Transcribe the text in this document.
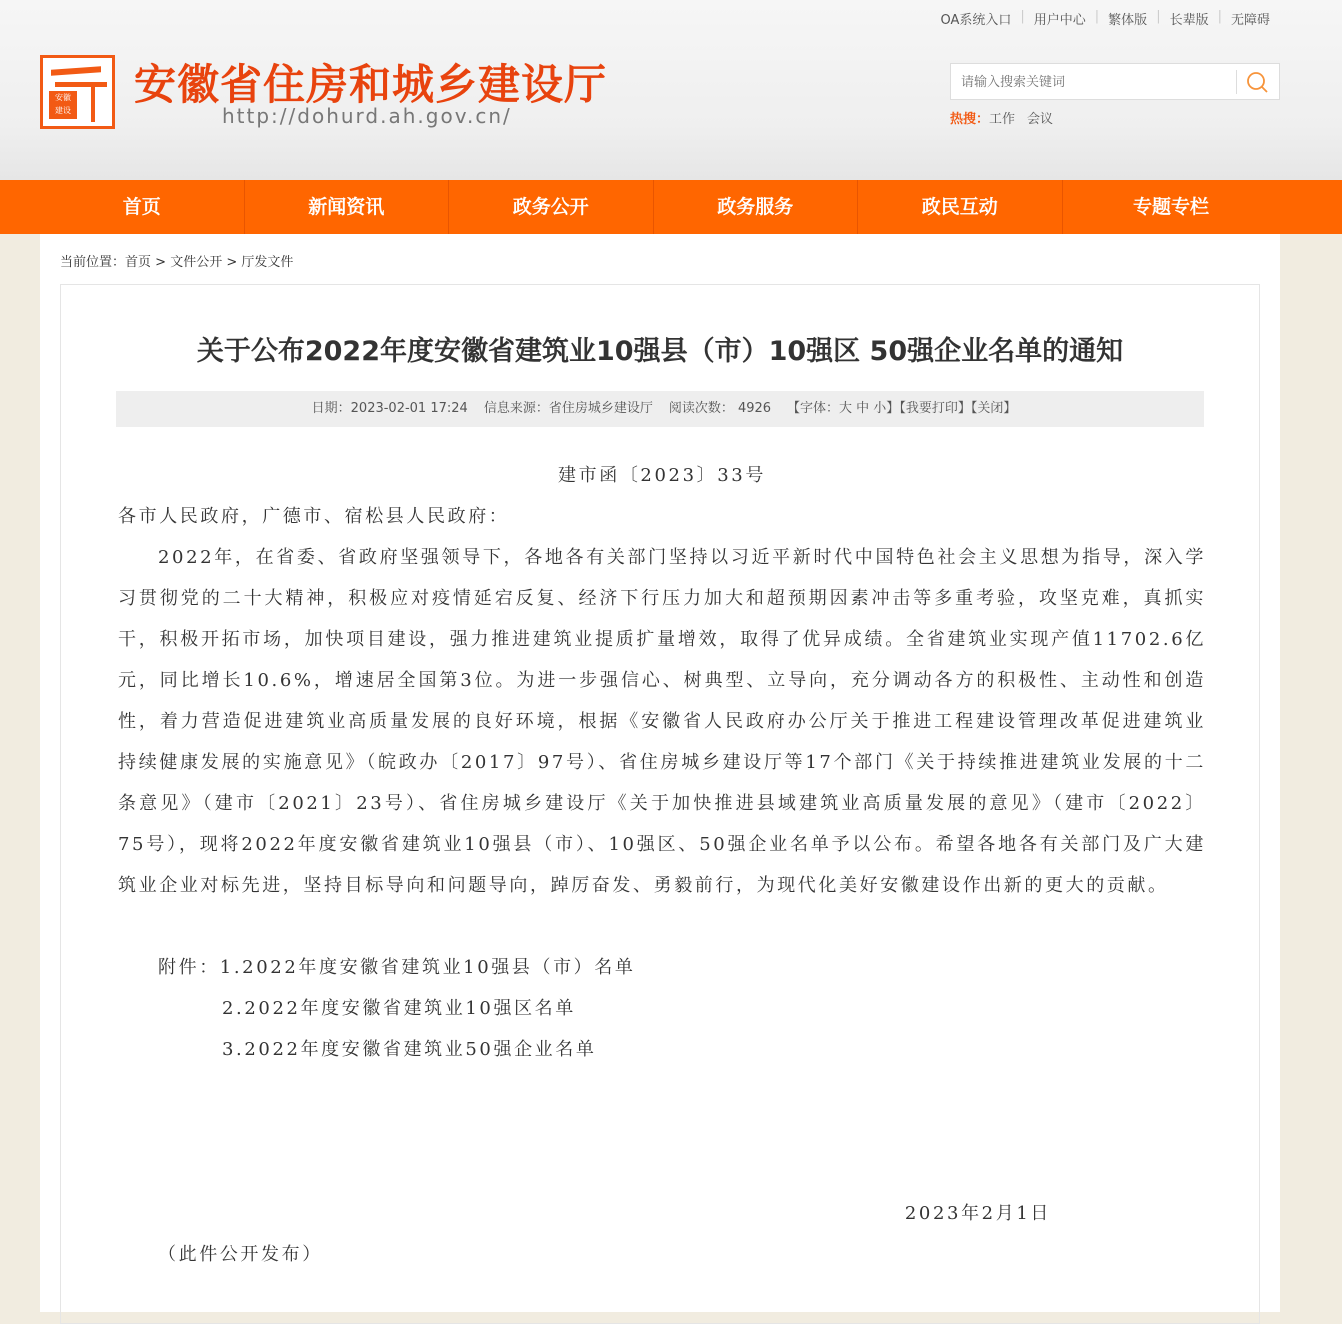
OA系统入口 | 用户中心 | 繁体版 | 长辈版 | 无障碍
安徽
建设
安徽省住房和城乡建设厅
http://dohurd.ah.gov.cn/
请输入搜索关键词	热搜：工作 会议
首页	新闻资讯	政务公开	政务服务	政民互动	专题专栏
当前位置：首页 > 文件公开 > 厅发文件
关于公布2022年度安徽省建筑业10强县（市）10强区 50强企业名单的通知
日期：2023-02-01 17:24 信息来源：省住房城乡建设厅 阅读次数： 4926 【字体：大 中 小】【我要打印】【关闭】

建市函〔2023〕33号

各市人民政府，广德市、宿松县人民政府：

2022年，在省委、省政府坚强领导下，各地各有关部门坚持以习近平新时代中国特色社会主义思想为指导，深入学习贯彻党的二十大精神，积极应对疫情延宕反复、经济下行压力加大和超预期因素冲击等多重考验，攻坚克难，真抓实干，积极开拓市场，加快项目建设，强力推进建筑业提质扩量增效，取得了优异成绩。全省建筑业实现产值11702.6亿元，同比增长10.6%，增速居全国第3位。为进一步强信心、树典型、立导向，充分调动各方的积极性、主动性和创造性，着力营造促进建筑业高质量发展的良好环境，根据《安徽省人民政府办公厅关于推进工程建设管理改革促进建筑业持续健康发展的实施意见》（皖政办〔2017〕97号）、省住房城乡建设厅等17个部门《关于持续推进建筑业发展的十二条意见》（建市〔2021〕23号）、省住房城乡建设厅《关于加快推进县域建筑业高质量发展的意见》（建市〔2022〕75号），现将2022年度安徽省建筑业10强县（市）、10强区、50强企业名单予以公布。希望各地各有关部门及广大建筑业企业对标先进，坚持目标导向和问题导向，踔厉奋发、勇毅前行，为现代化美好安徽建设作出新的更大的贡献。

附件：1.2022年度安徽省建筑业10强县（市）名单

2.2022年度安徽省建筑业10强区名单

3.2022年度安徽省建筑业50强企业名单

2023年2月1日

（此件公开发布）
